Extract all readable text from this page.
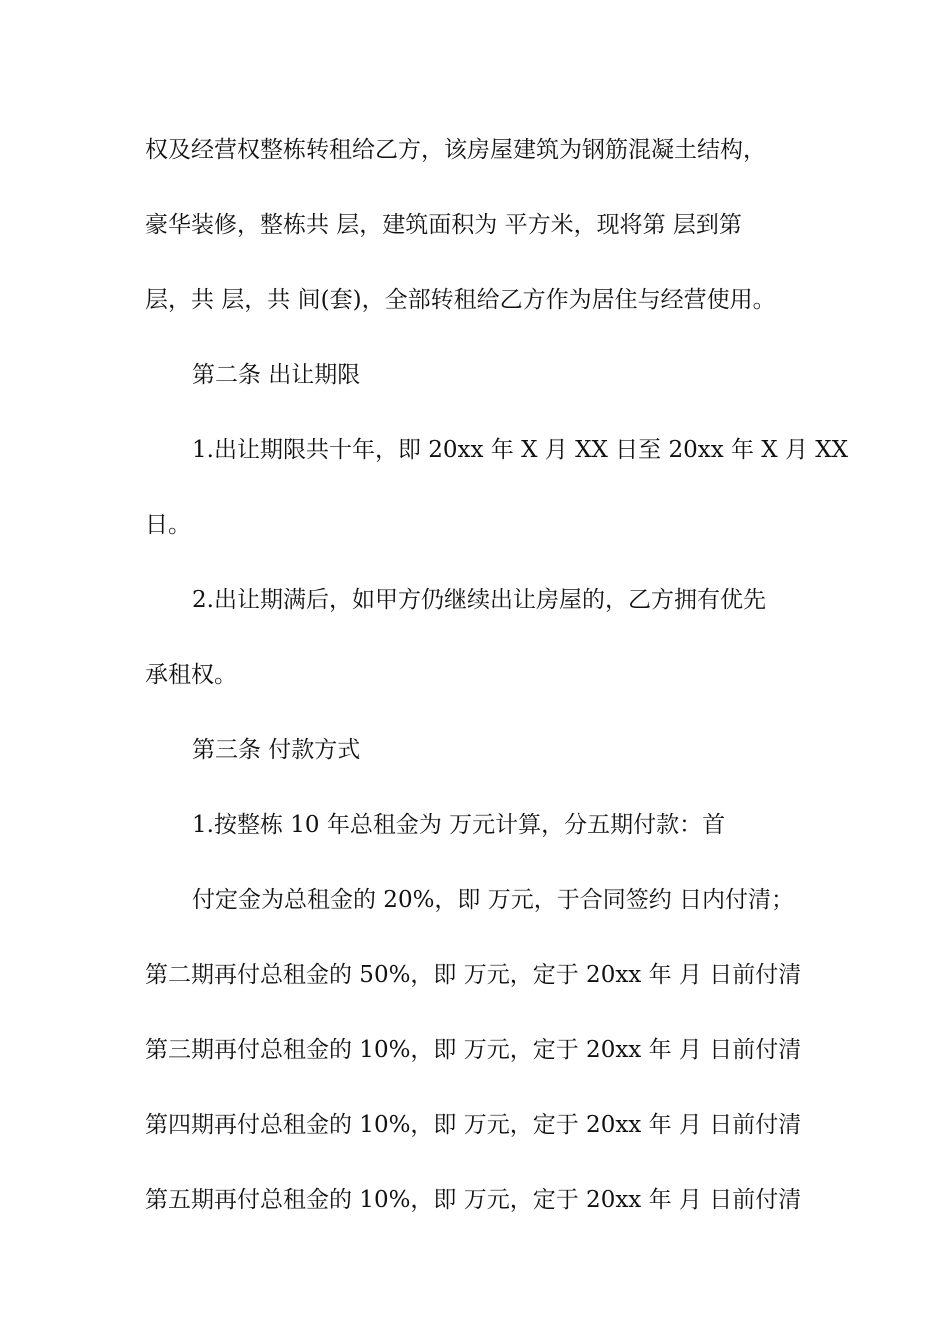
权及经营权整栋转租给乙方，该房屋建筑为钢筋混凝土结构，
豪华装修，整栋共 层，建筑面积为 平方米，现将第 层到第
层，共 层，共 间(套)，全部转租给乙方作为居住与经营使用。
第二条 出让期限
1.出让期限共十年，即 20xx 年 X 月 XX 日至 20xx 年 X 月 XX
日。
2.出让期满后，如甲方仍继续出让房屋的，乙方拥有优先
承租权。
第三条 付款方式
1.按整栋 10 年总租金为 万元计算，分五期付款：首
付定金为总租金的 20%，即 万元，于合同签约 日内付清；
第二期再付总租金的 50%，即 万元，定于 20xx 年 月 日前付清
第三期再付总租金的 10%，即 万元，定于 20xx 年 月 日前付清
第四期再付总租金的 10%，即 万元，定于 20xx 年 月 日前付清
第五期再付总租金的 10%，即 万元，定于 20xx 年 月 日前付清
